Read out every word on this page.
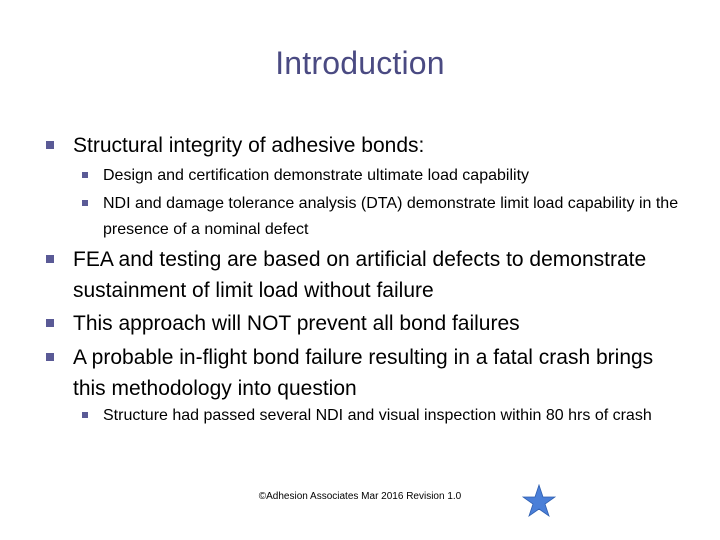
Introduction
Structural integrity of adhesive bonds:
Design and certification demonstrate ultimate load capability
NDI and damage tolerance analysis (DTA) demonstrate limit load capability in the presence of a nominal defect
FEA and testing are based on artificial defects to demonstrate sustainment of limit load without failure
This approach will NOT prevent all bond failures
A probable in-flight bond failure resulting in a fatal crash brings this methodology into question
Structure had passed several NDI and visual inspection within 80 hrs of crash
©Adhesion Associates Mar 2016 Revision 1.0
